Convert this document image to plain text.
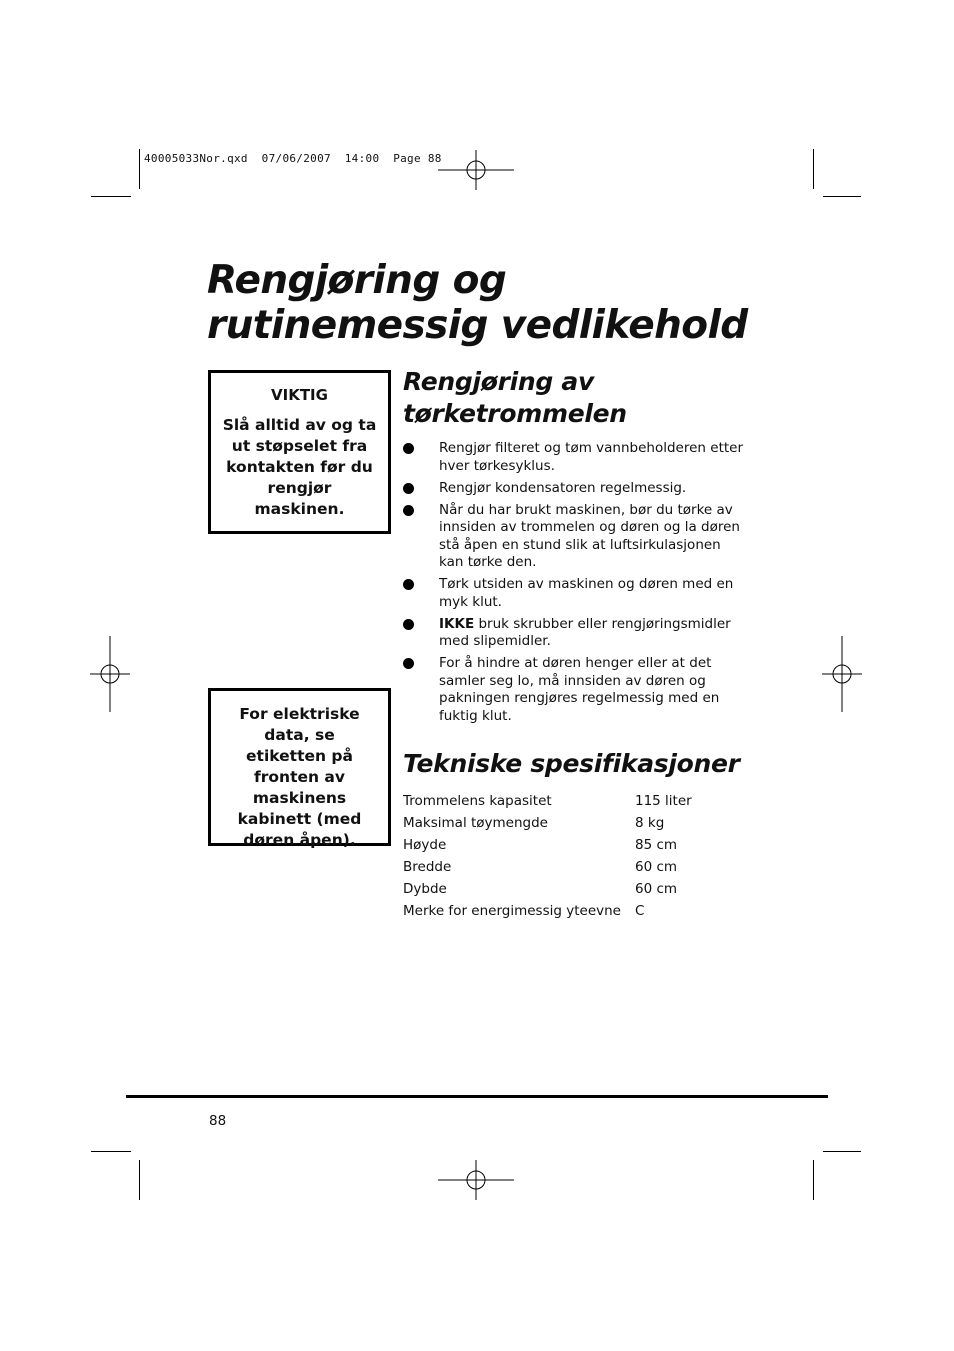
40005033Nor.qxd  07/06/2007  14:00  Page 88
Rengjøring og
rutinemessig vedlikehold
VIKTIG
Slå alltid av og ta ut støpselet fra kontakten før du rengjør maskinen.
For elektriske data, se etiketten på fronten av maskinens kabinett (med døren åpen).
Rengjøring av
tørketrommelen
Rengjør filteret og tøm vannbeholderen etter hver tørkesyklus.
Rengjør kondensatoren regelmessig.
Når du har brukt maskinen, bør du tørke av innsiden av trommelen og døren og la døren stå åpen en stund slik at luftsirkulasjonen kan tørke den.
Tørk utsiden av maskinen og døren med en myk klut.
IKKE bruk skrubber eller rengjøringsmidler med slipemidler.
For å hindre at døren henger eller at det samler seg lo, må innsiden av døren og pakningen rengjøres regelmessig med en fuktig klut.
Tekniske spesifikasjoner
Trommelens kapasitet	115 liter
Maksimal tøymengde	8 kg
Høyde	85 cm
Bredde	60 cm
Dybde	60 cm
Merke for energimessig yteevne	C
88
